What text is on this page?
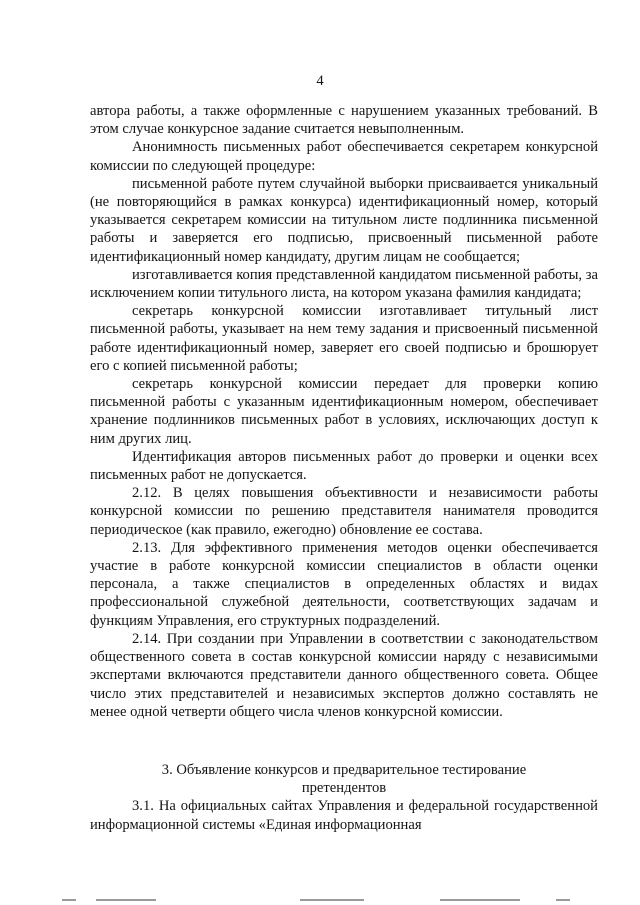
4

автора работы, а также оформленные с нарушением указанных требований. В этом случае конкурсное задание считается невыполненным.

Анонимность письменных работ обеспечивается секретарем конкурсной комиссии по следующей процедуре:

письменной работе путем случайной выборки присваивается уникальный (не повторяющийся в рамках конкурса) идентификационный номер, который указывается секретарем комиссии на титульном листе подлинника письменной работы и заверяется его подписью, присвоенный письменной работе идентификационный номер кандидату, другим лицам не сообщается;

изготавливается копия представленной кандидатом письменной работы, за исключением копии титульного листа, на котором указана фамилия кандидата;

секретарь конкурсной комиссии изготавливает титульный лист письменной работы, указывает на нем тему задания и присвоенный письменной работе идентификационный номер, заверяет его своей подписью и брошюрует его с копией письменной работы;

секретарь конкурсной комиссии передает для проверки копию письменной работы с указанным идентификационным номером, обеспечивает хранение подлинников письменных работ в условиях, исключающих доступ к ним других лиц.

Идентификация авторов письменных работ до проверки и оценки всех письменных работ не допускается.

2.12. В целях повышения объективности и независимости работы конкурсной комиссии по решению представителя нанимателя проводится периодическое (как правило, ежегодно) обновление ее состава.

2.13. Для эффективного применения методов оценки обеспечивается участие в работе конкурсной комиссии специалистов в области оценки персонала, а также специалистов в определенных областях и видах профессиональной служебной деятельности, соответствующих задачам и функциям Управления, его структурных подразделений.

2.14. При создании при Управлении в соответствии с законодательством общественного совета в состав конкурсной комиссии наряду с независимыми экспертами включаются представители данного общественного совета. Общее число этих представителей и независимых экспертов должно составлять не менее одной четверти общего числа членов конкурсной комиссии.

3. Объявление конкурсов и предварительное тестирование

претендентов

3.1. На официальных сайтах Управления и федеральной государственной информационной системы «Единая информационная
